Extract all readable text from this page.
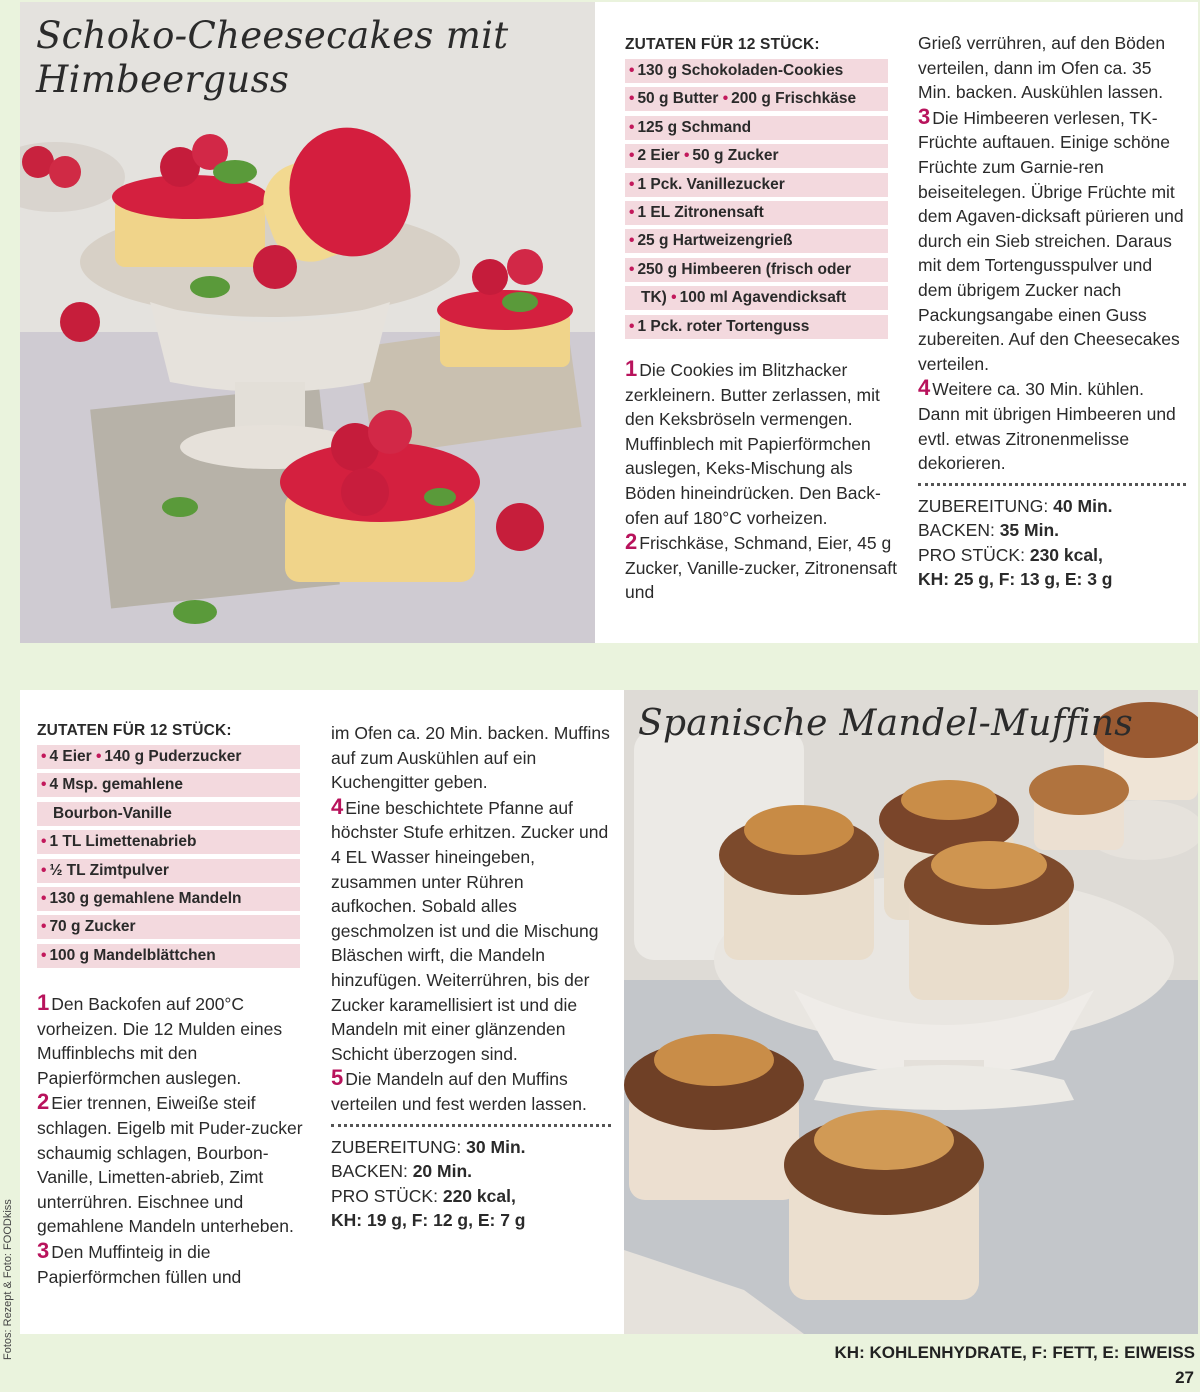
Schoko-Cheesecakes mit Himbeerguss
ZUTATEN FÜR 12 STÜCK:
• 130 g Schokoladen-Cookies
• 50 g Butter • 200 g Frischkäse
• 125 g Schmand
• 2 Eier • 50 g Zucker
• 1 Pck. Vanillezucker
• 1 EL Zitronensaft
• 25 g Hartweizengrieß
• 250 g Himbeeren (frisch oder
TK) • 100 ml Agavendicksaft
• 1 Pck. roter Tortenguss

1 Die Cookies im Blitzhacker zerkleinern. Butter zerlassen, mit den Keksbröseln vermengen. Muffinblech mit Papierförmchen auslegen, Keks-Mischung als Böden hineindrücken. Den Back-ofen auf 180°C vorheizen.

2 Frischkäse, Schmand, Eier, 45 g Zucker, Vanille-zucker, Zitronensaft und

Grieß verrühren, auf den Böden verteilen, dann im Ofen ca. 35 Min. backen. Auskühlen lassen.

3 Die Himbeeren verlesen, TK-Früchte auftauen. Einige schöne Früchte zum Garnie-ren beiseitelegen. Übrige Früchte mit dem Agaven-dicksaft pürieren und durch ein Sieb streichen. Daraus mit dem Tortengusspulver und dem übrigem Zucker nach Packungsangabe einen Guss zubereiten. Auf den Cheesecakes verteilen.

4 Weitere ca. 30 Min. kühlen. Dann mit übrigen Himbeeren und evtl. etwas Zitronenmelisse dekorieren.

ZUBEREITUNG: 40 Min.
BACKEN: 35 Min.
PRO STÜCK: 230 kcal,
KH: 25 g, F: 13 g, E: 3 g
ZUTATEN FÜR 12 STÜCK:
• 4 Eier • 140 g Puderzucker
• 4 Msp. gemahlene
Bourbon-Vanille
• 1 TL Limettenabrieb
• ½ TL Zimtpulver
• 130 g gemahlene Mandeln
• 70 g Zucker
• 100 g Mandelblättchen

1 Den Backofen auf 200°C vorheizen. Die 12 Mulden eines Muffinblechs mit den Papierförmchen auslegen.

2 Eier trennen, Eiweiße steif schlagen. Eigelb mit Puder-zucker schaumig schlagen, Bourbon-Vanille, Limetten-abrieb, Zimt unterrühren. Eischnee und gemahlene Mandeln unterheben.

3 Den Muffinteig in die Papierförmchen füllen und

im Ofen ca. 20 Min. backen. Muffins auf zum Auskühlen auf ein Kuchengitter geben.

4 Eine beschichtete Pfanne auf höchster Stufe erhitzen. Zucker und 4 EL Wasser hineingeben, zusammen unter Rühren aufkochen. Sobald alles geschmolzen ist und die Mischung Bläschen wirft, die Mandeln hinzufügen. Weiterrühren, bis der Zucker karamellisiert ist und die Mandeln mit einer glänzenden Schicht überzogen sind.

5 Die Mandeln auf den Muffins verteilen und fest werden lassen.

ZUBEREITUNG: 30 Min.
BACKEN: 20 Min.
PRO STÜCK: 220 kcal,
KH: 19 g, F: 12 g, E: 7 g
Spanische Mandel-Muffins
KH: KOHLENHYDRATE, F: FETT, E: EIWEISS
27
Fotos: Rezept & Foto: FOODkiss
